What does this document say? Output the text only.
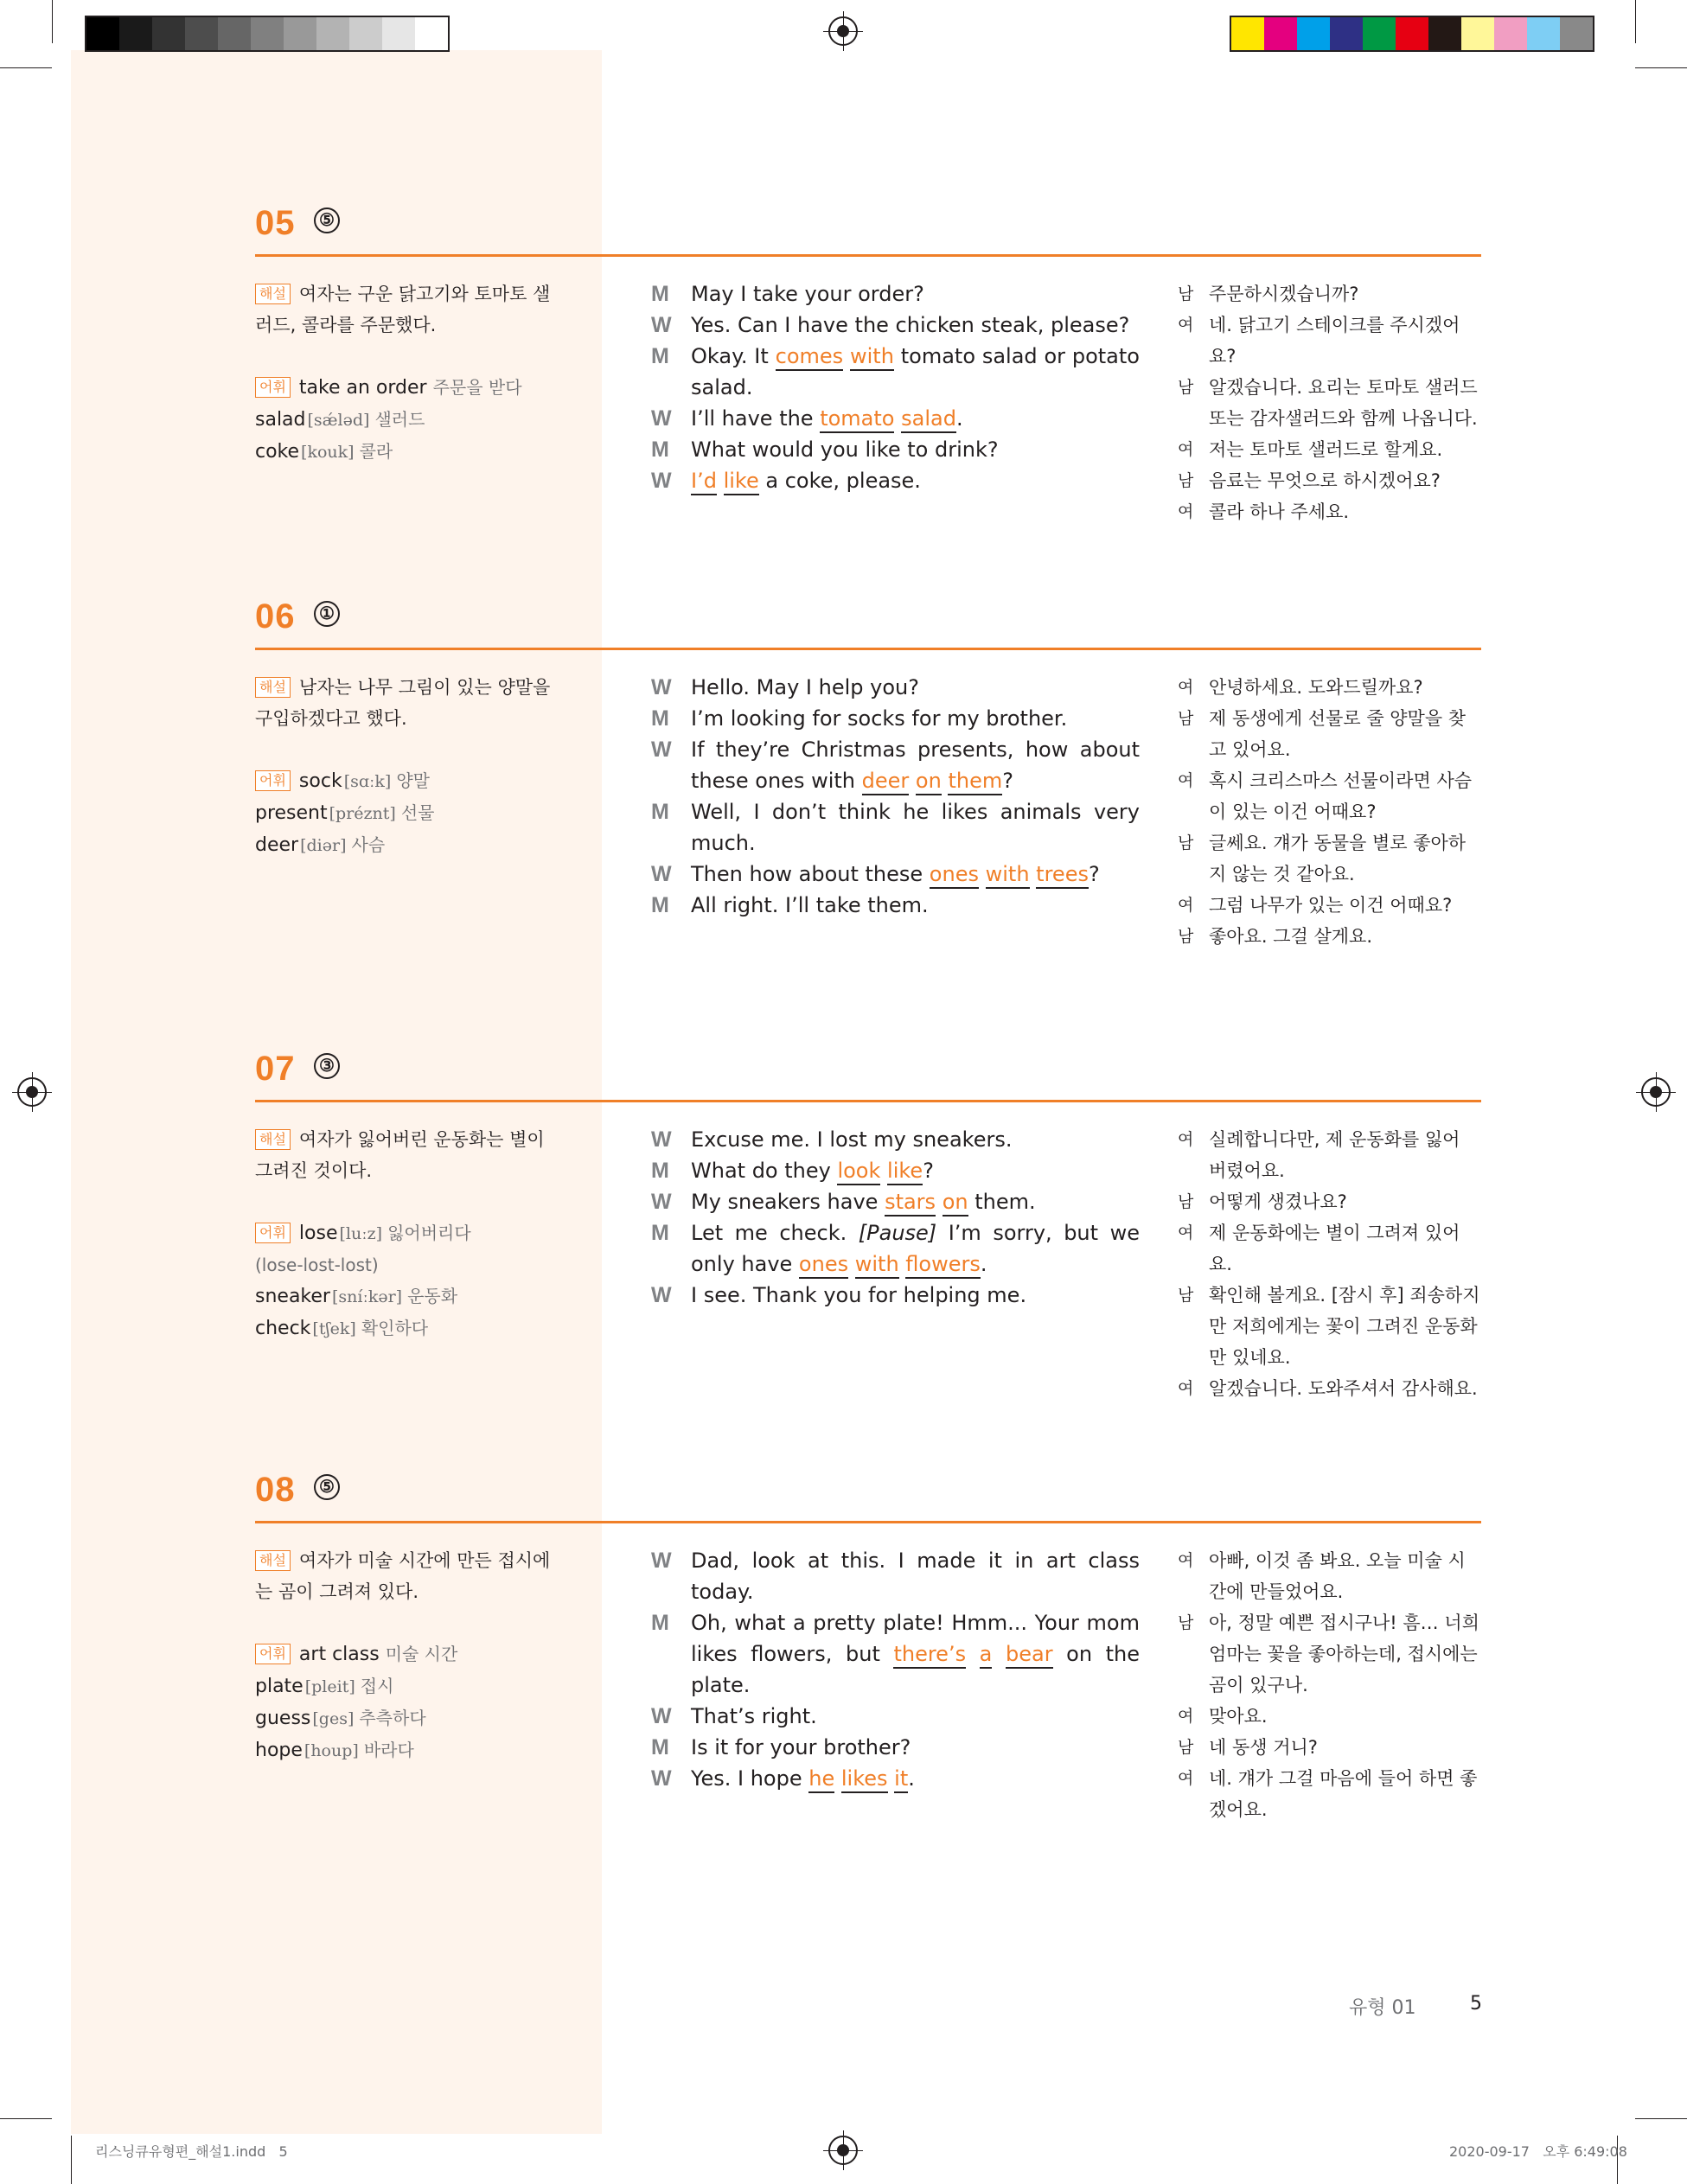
05	⑤
해설 여자는 구운 닭고기와 토마토 샐러드, 콜라를 주문했다.
어휘 take an order 주문을 받다
salad [sǽləd] 샐러드
coke [kouk] 콜라
M	May I take your order?
W Yes. Can I have the chicken steak, please?
M	Okay. It comes with tomato salad or potato salad.
W I’ll have the tomato salad.
M	What would you like to drink?
W I’d like a coke, please.
남 주문하시겠습니까?
여 네. 닭고기 스테이크를 주시겠어요?
남 알겠습니다. 요리는 토마토 샐러드 또는 감자샐러드와 함께 나옵니다.
여 저는 토마토 샐러드로 할게요.
남 음료는 무엇으로 하시겠어요?
여 콜라 하나 주세요.
06	①
해설 남자는 나무 그림이 있는 양말을 구입하겠다고 했다.
어휘 sock [sɑːk] 양말
present [préznt] 선물
deer [diər] 사슴
W Hello. May I help you?
M	I’m looking for socks for my brother.
W If they’re Christmas presents, how about these ones with deer on them?
M	Well, I don’t think he likes animals very much.
W Then how about these ones with trees?
M	All right. I’ll take them.
여 안녕하세요. 도와드릴까요?
남 제 동생에게 선물로 줄 양말을 찾고 있어요.
여 혹시 크리스마스 선물이라면 사슴이 있는 이건 어때요?
남 글쎄요. 걔가 동물을 별로 좋아하지 않는 것 같아요.
여 그럼 나무가 있는 이건 어때요?
남 좋아요. 그걸 살게요.
07	③
해설 여자가 잃어버린 운동화는 별이 그려진 것이다.
어휘 lose [luːz] 잃어버리다
(lose-lost-lost)
sneaker [sníːkər] 운동화
check [tʃek] 확인하다
W Excuse me. I lost my sneakers.
M	What do they look like?
W My sneakers have stars on them.
M	Let me check. [Pause] I’m sorry, but we only have ones with flowers.
W I see. Thank you for helping me.
여 실례합니다만, 제 운동화를 잃어 버렸어요.
남 어떻게 생겼나요?
여 제 운동화에는 별이 그려져 있어요.
남 확인해 볼게요. [잠시 후] 죄송하지만 저희에게는 꽃이 그려진 운동화만 있네요.
여 알겠습니다. 도와주셔서 감사해요.
08	⑤
해설 여자가 미술 시간에 만든 접시에는 곰이 그려져 있다.
어휘 art class 미술 시간
plate [pleit] 접시
guess [ges] 추측하다
hope [houp] 바라다
W Dad, look at this. I made it in art class today.
M	Oh, what a pretty plate! Hmm... Your mom likes flowers, but there’s a bear on the plate.
W That’s right.
M	Is it for your brother?
W Yes. I hope he likes it.
여 아빠, 이것 좀 봐요. 오늘 미술 시간에 만들었어요.
남 아, 정말 예쁜 접시구나! 흠… 너희 엄마는 꽃을 좋아하는데, 접시에는 곰이 있구나.
여 맞아요.
남 네 동생 거니?
여 네. 걔가 그걸 마음에 들어 하면 좋겠어요.
유형 01	5
리스닝큐유형편_해설1.indd   5	2020-09-17   오후 6:49:08
